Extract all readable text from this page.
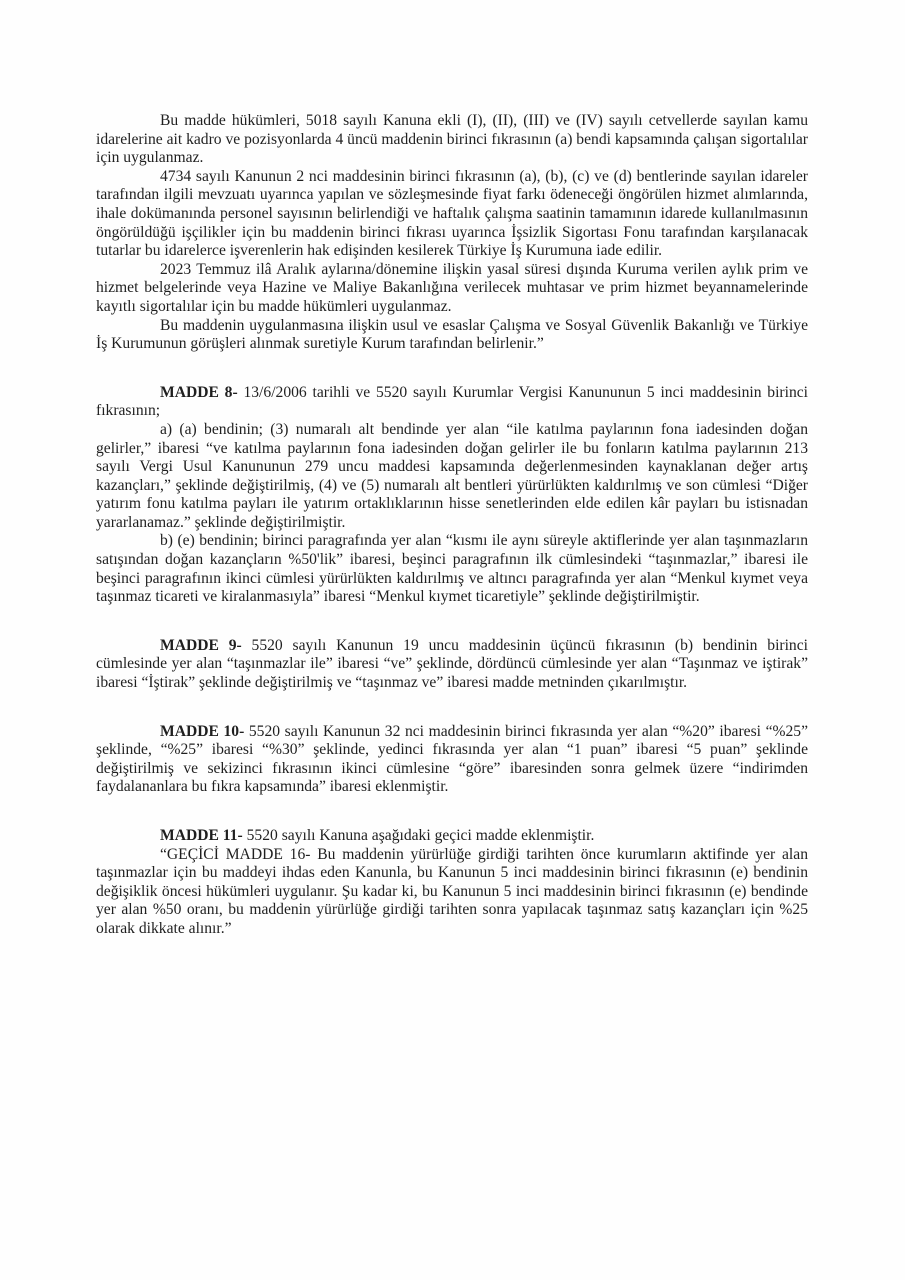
Bu madde hükümleri, 5018 sayılı Kanuna ekli (I), (II), (III) ve (IV) sayılı cetvellerde sayılan kamu idarelerine ait kadro ve pozisyonlarda 4 üncü maddenin birinci fıkrasının (a) bendi kapsamında çalışan sigortalılar için uygulanmaz.

4734 sayılı Kanunun 2 nci maddesinin birinci fıkrasının (a), (b), (c) ve (d) bentlerinde sayılan idareler tarafından ilgili mevzuatı uyarınca yapılan ve sözleşmesinde fiyat farkı ödeneceği öngörülen hizmet alımlarında, ihale dokümanında personel sayısının belirlendiği ve haftalık çalışma saatinin tamamının idarede kullanılmasının öngörüldüğü işçilikler için bu maddenin birinci fıkrası uyarınca İşsizlik Sigortası Fonu tarafından karşılanacak tutarlar bu idarelerce işverenlerin hak edişinden kesilerek Türkiye İş Kurumuna iade edilir.

2023 Temmuz ilâ Aralık aylarına/dönemine ilişkin yasal süresi dışında Kuruma verilen aylık prim ve hizmet belgelerinde veya Hazine ve Maliye Bakanlığına verilecek muhtasar ve prim hizmet beyannamelerinde kayıtlı sigortalılar için bu madde hükümleri uygulanmaz.

Bu maddenin uygulanmasına ilişkin usul ve esaslar Çalışma ve Sosyal Güvenlik Bakanlığı ve Türkiye İş Kurumunun görüşleri alınmak suretiyle Kurum tarafından belirlenir.”

MADDE 8- 13/6/2006 tarihli ve 5520 sayılı Kurumlar Vergisi Kanununun 5 inci maddesinin birinci fıkrasının;

a) (a) bendinin; (3) numaralı alt bendinde yer alan “ile katılma paylarının fona iadesinden doğan gelirler,” ibaresi “ve katılma paylarının fona iadesinden doğan gelirler ile bu fonların katılma paylarının 213 sayılı Vergi Usul Kanununun 279 uncu maddesi kapsamında değerlenmesinden kaynaklanan değer artış kazançları,” şeklinde değiştirilmiş, (4) ve (5) numaralı alt bentleri yürürlükten kaldırılmış ve son cümlesi “Diğer yatırım fonu katılma payları ile yatırım ortaklıklarının hisse senetlerinden elde edilen kâr payları bu istisnadan yararlanamaz.” şeklinde değiştirilmiştir.

b) (e) bendinin; birinci paragrafında yer alan “kısmı ile aynı süreyle aktiflerinde yer alan taşınmazların satışından doğan kazançların %50'lik” ibaresi, beşinci paragrafının ilk cümlesindeki “taşınmazlar,” ibaresi ile beşinci paragrafının ikinci cümlesi yürürlükten kaldırılmış ve altıncı paragrafında yer alan “Menkul kıymet veya taşınmaz ticareti ve kiralanmasıyla” ibaresi “Menkul kıymet ticaretiyle” şeklinde değiştirilmiştir.

MADDE 9- 5520 sayılı Kanunun 19 uncu maddesinin üçüncü fıkrasının (b) bendinin birinci cümlesinde yer alan “taşınmazlar ile” ibaresi “ve” şeklinde, dördüncü cümlesinde yer alan “Taşınmaz ve iştirak” ibaresi “İştirak” şeklinde değiştirilmiş ve “taşınmaz ve” ibaresi madde metninden çıkarılmıştır.

MADDE 10- 5520 sayılı Kanunun 32 nci maddesinin birinci fıkrasında yer alan “%20” ibaresi “%25” şeklinde, “%25” ibaresi “%30” şeklinde, yedinci fıkrasında yer alan “1 puan” ibaresi “5 puan” şeklinde değiştirilmiş ve sekizinci fıkrasının ikinci cümlesine “göre” ibaresinden sonra gelmek üzere “indirimden faydalananlara bu fıkra kapsamında” ibaresi eklenmiştir.

MADDE 11- 5520 sayılı Kanuna aşağıdaki geçici madde eklenmiştir.

“GEÇİCİ MADDE 16- Bu maddenin yürürlüğe girdiği tarihten önce kurumların aktifinde yer alan taşınmazlar için bu maddeyi ihdas eden Kanunla, bu Kanunun 5 inci maddesinin birinci fıkrasının (e) bendinin değişiklik öncesi hükümleri uygulanır. Şu kadar ki, bu Kanunun 5 inci maddesinin birinci fıkrasının (e) bendinde yer alan %50 oranı, bu maddenin yürürlüğe girdiği tarihten sonra yapılacak taşınmaz satış kazançları için %25 olarak dikkate alınır.”
